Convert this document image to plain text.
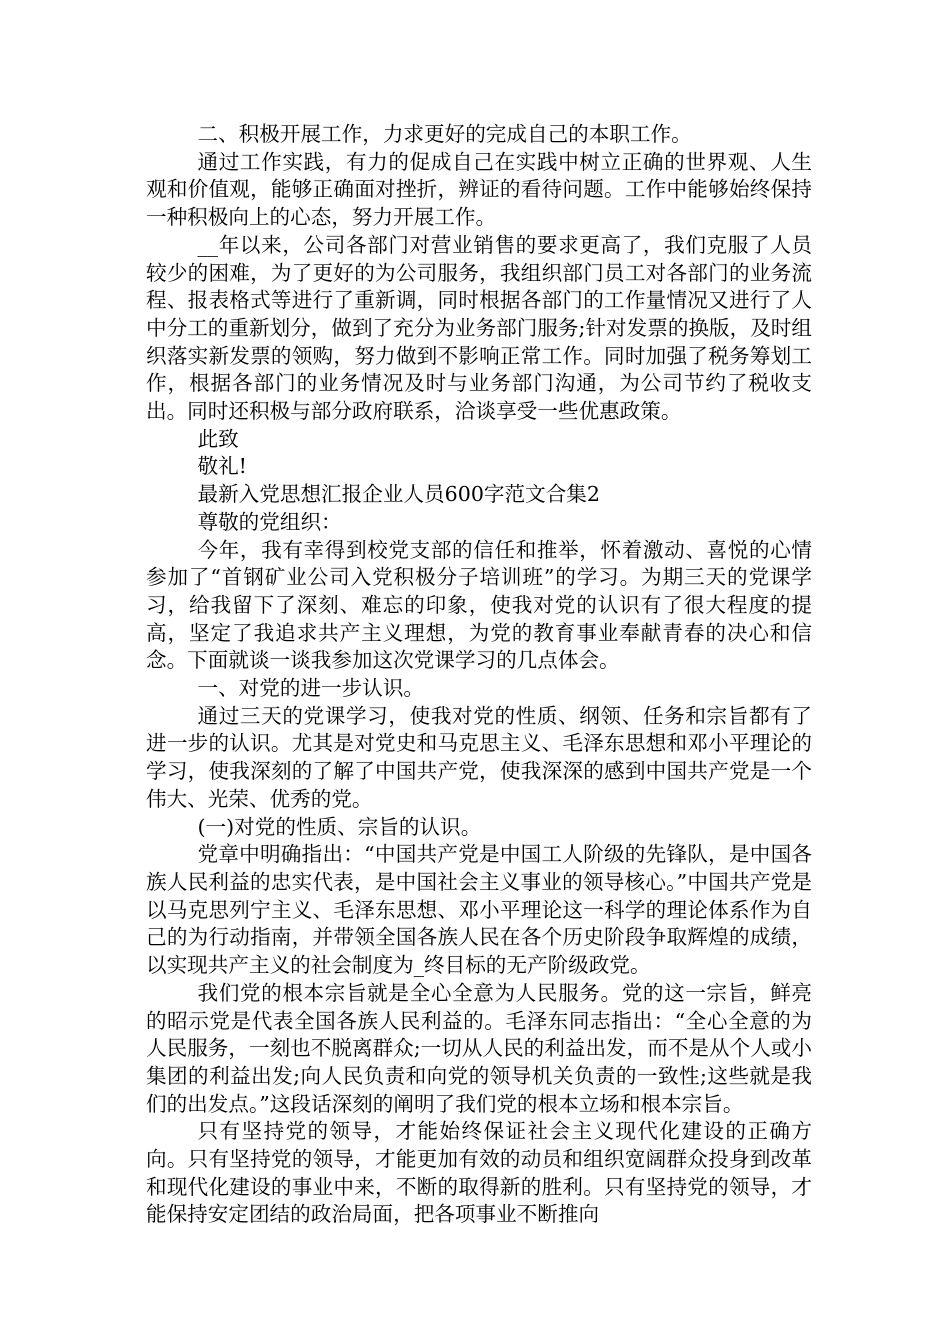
二、积极开展工作，力求更好的完成自己的本职工作。

通过工作实践，有力的促成自己在实践中树立正确的世界观、人生观和价值观，能够正确面对挫折，辨证的看待问题。工作中能够始终保持一种积极向上的心态，努力开展工作。

__年以来，公司各部门对营业销售的要求更高了，我们克服了人员较少的困难，为了更好的为公司服务，我组织部门员工对各部门的业务流程、报表格式等进行了重新调，同时根据各部门的工作量情况又进行了人中分工的重新划分，做到了充分为业务部门服务;针对发票的换版，及时组织落实新发票的领购，努力做到不影响正常工作。同时加强了税务筹划工作，根据各部门的业务情况及时与业务部门沟通，为公司节约了税收支出。同时还积极与部分政府联系，洽谈享受一些优惠政策。

此致

敬礼!

最新入党思想汇报企业人员600字范文合集2

尊敬的党组织：

今年，我有幸得到校党支部的信任和推举，怀着激动、喜悦的心情参加了“首钢矿业公司入党积极分子培训班”的学习。为期三天的党课学习，给我留下了深刻、难忘的印象，使我对党的认识有了很大程度的提高，坚定了我追求共产主义理想，为党的教育事业奉献青春的决心和信念。下面就谈一谈我参加这次党课学习的几点体会。

一、对党的进一步认识。

通过三天的党课学习，使我对党的性质、纲领、任务和宗旨都有了进一步的认识。尤其是对党史和马克思主义、毛泽东思想和邓小平理论的学习，使我深刻的了解了中国共产党，使我深深的感到中国共产党是一个伟大、光荣、优秀的党。

(一)对党的性质、宗旨的认识。

党章中明确指出：“中国共产党是中国工人阶级的先锋队，是中国各族人民利益的忠实代表，是中国社会主义事业的领导核心。”中国共产党是以马克思列宁主义、毛泽东思想、邓小平理论这一科学的理论体系作为自己的为行动指南，并带领全国各族人民在各个历史阶段争取辉煌的成绩，以实现共产主义的社会制度为_终目标的无产阶级政党。

我们党的根本宗旨就是全心全意为人民服务。党的这一宗旨，鲜亮的昭示党是代表全国各族人民利益的。毛泽东同志指出：“全心全意的为人民服务，一刻也不脱离群众;一切从人民的利益出发，而不是从个人或小集团的利益出发;向人民负责和向党的领导机关负责的一致性;这些就是我们的出发点。”这段话深刻的阐明了我们党的根本立场和根本宗旨。

只有坚持党的领导，才能始终保证社会主义现代化建设的正确方向。只有坚持党的领导，才能更加有效的动员和组织宽阔群众投身到改革和现代化建设的事业中来，不断的取得新的胜利。只有坚持党的领导，才能保持安定团结的政治局面，把各项事业不断推向
